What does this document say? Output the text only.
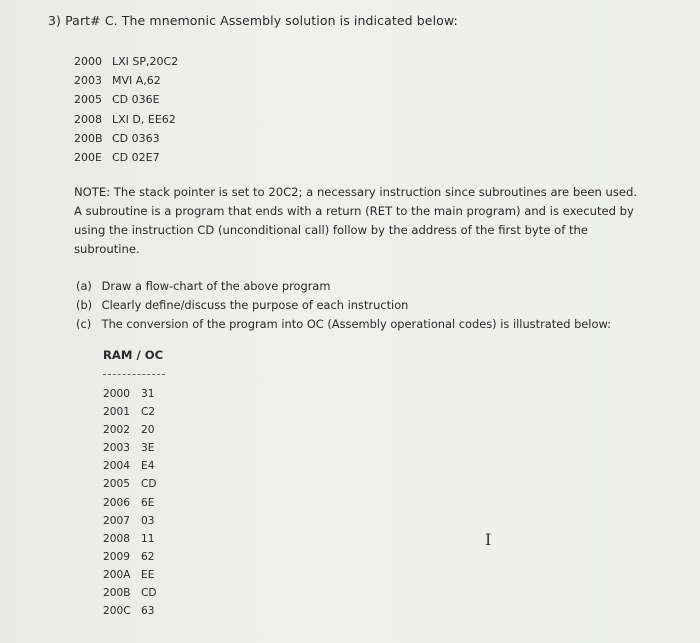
3) Part# C. The mnemonic Assembly solution is indicated below:
2000 LXI SP,20C2
2003 MVI A,62
2005 CD 036E
2008 LXI D, EE62
200B CD 0363
200E CD 02E7
NOTE: The stack pointer is set to 20C2; a necessary instruction since subroutines are been used. A subroutine is a program that ends with a return (RET to the main program) and is executed by using the instruction CD (unconditional call) follow by the address of the first byte of the subroutine.
(a) Draw a flow-chart of the above program
(b) Clearly define/discuss the purpose of each instruction
(c) The conversion of the program into OC (Assembly operational codes) is illustrated below:
RAM / OC
2000 31
2001 C2
2002 20
2003 3E
2004 E4
2005 CD
2006 6E
2007 03
2008 11
2009 62
200A EE
200B CD
200C 63
I
